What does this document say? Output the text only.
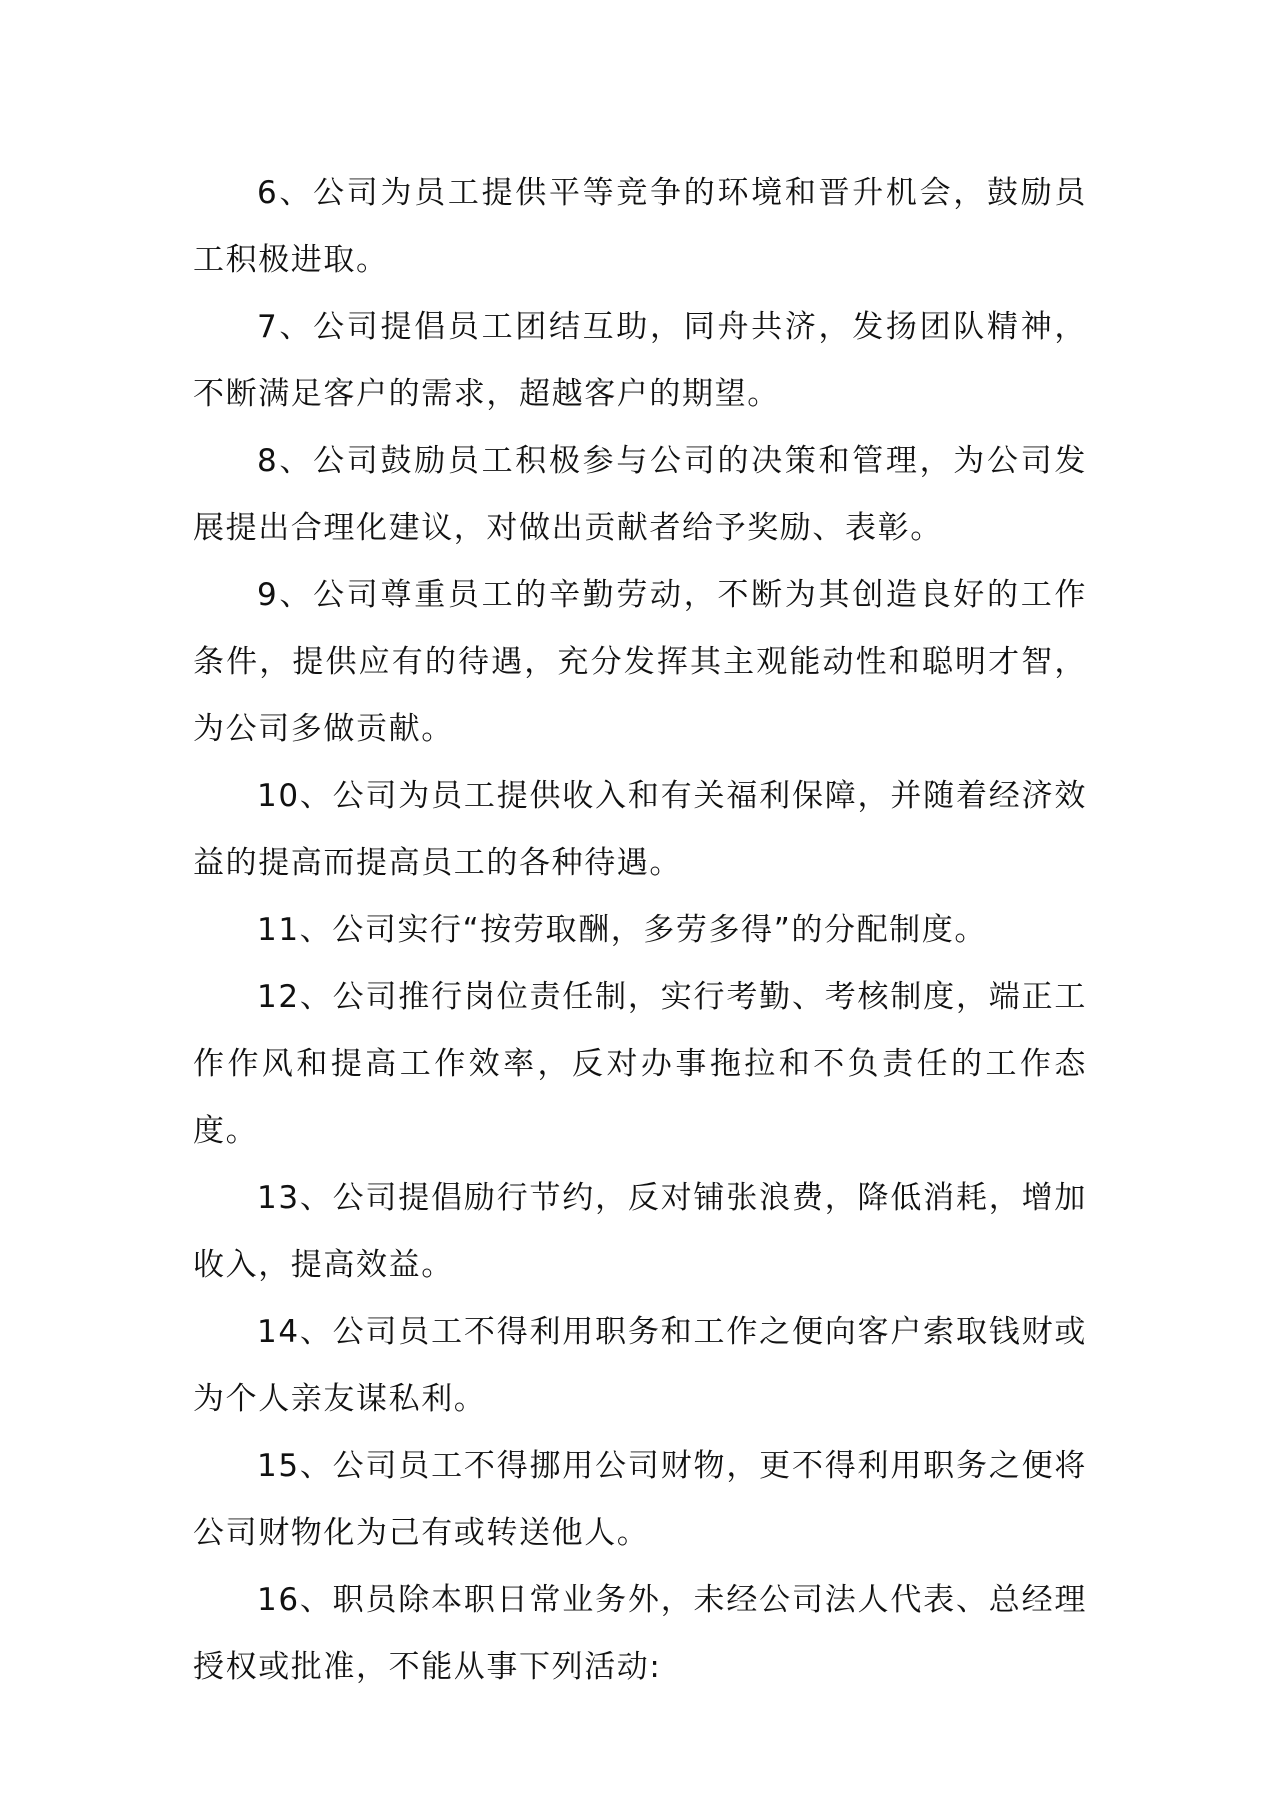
6、公司为员工提供平等竞争的环境和晋升机会，鼓励员工积极进取。

7、公司提倡员工团结互助，同舟共济，发扬团队精神，不断满足客户的需求，超越客户的期望。

8、公司鼓励员工积极参与公司的决策和管理，为公司发展提出合理化建议，对做出贡献者给予奖励、表彰。

9、公司尊重员工的辛勤劳动，不断为其创造良好的工作条件，提供应有的待遇，充分发挥其主观能动性和聪明才智，为公司多做贡献。

10、公司为员工提供收入和有关福利保障，并随着经济效益的提高而提高员工的各种待遇。

11、公司实行“按劳取酬，多劳多得”的分配制度。

12、公司推行岗位责任制，实行考勤、考核制度，端正工作作风和提高工作效率，反对办事拖拉和不负责任的工作态度。

13、公司提倡励行节约，反对铺张浪费，降低消耗，增加收入，提高效益。

14、公司员工不得利用职务和工作之便向客户索取钱财或为个人亲友谋私利。

15、公司员工不得挪用公司财物，更不得利用职务之便将公司财物化为己有或转送他人。

16、职员除本职日常业务外，未经公司法人代表、总经理授权或批准，不能从事下列活动:
